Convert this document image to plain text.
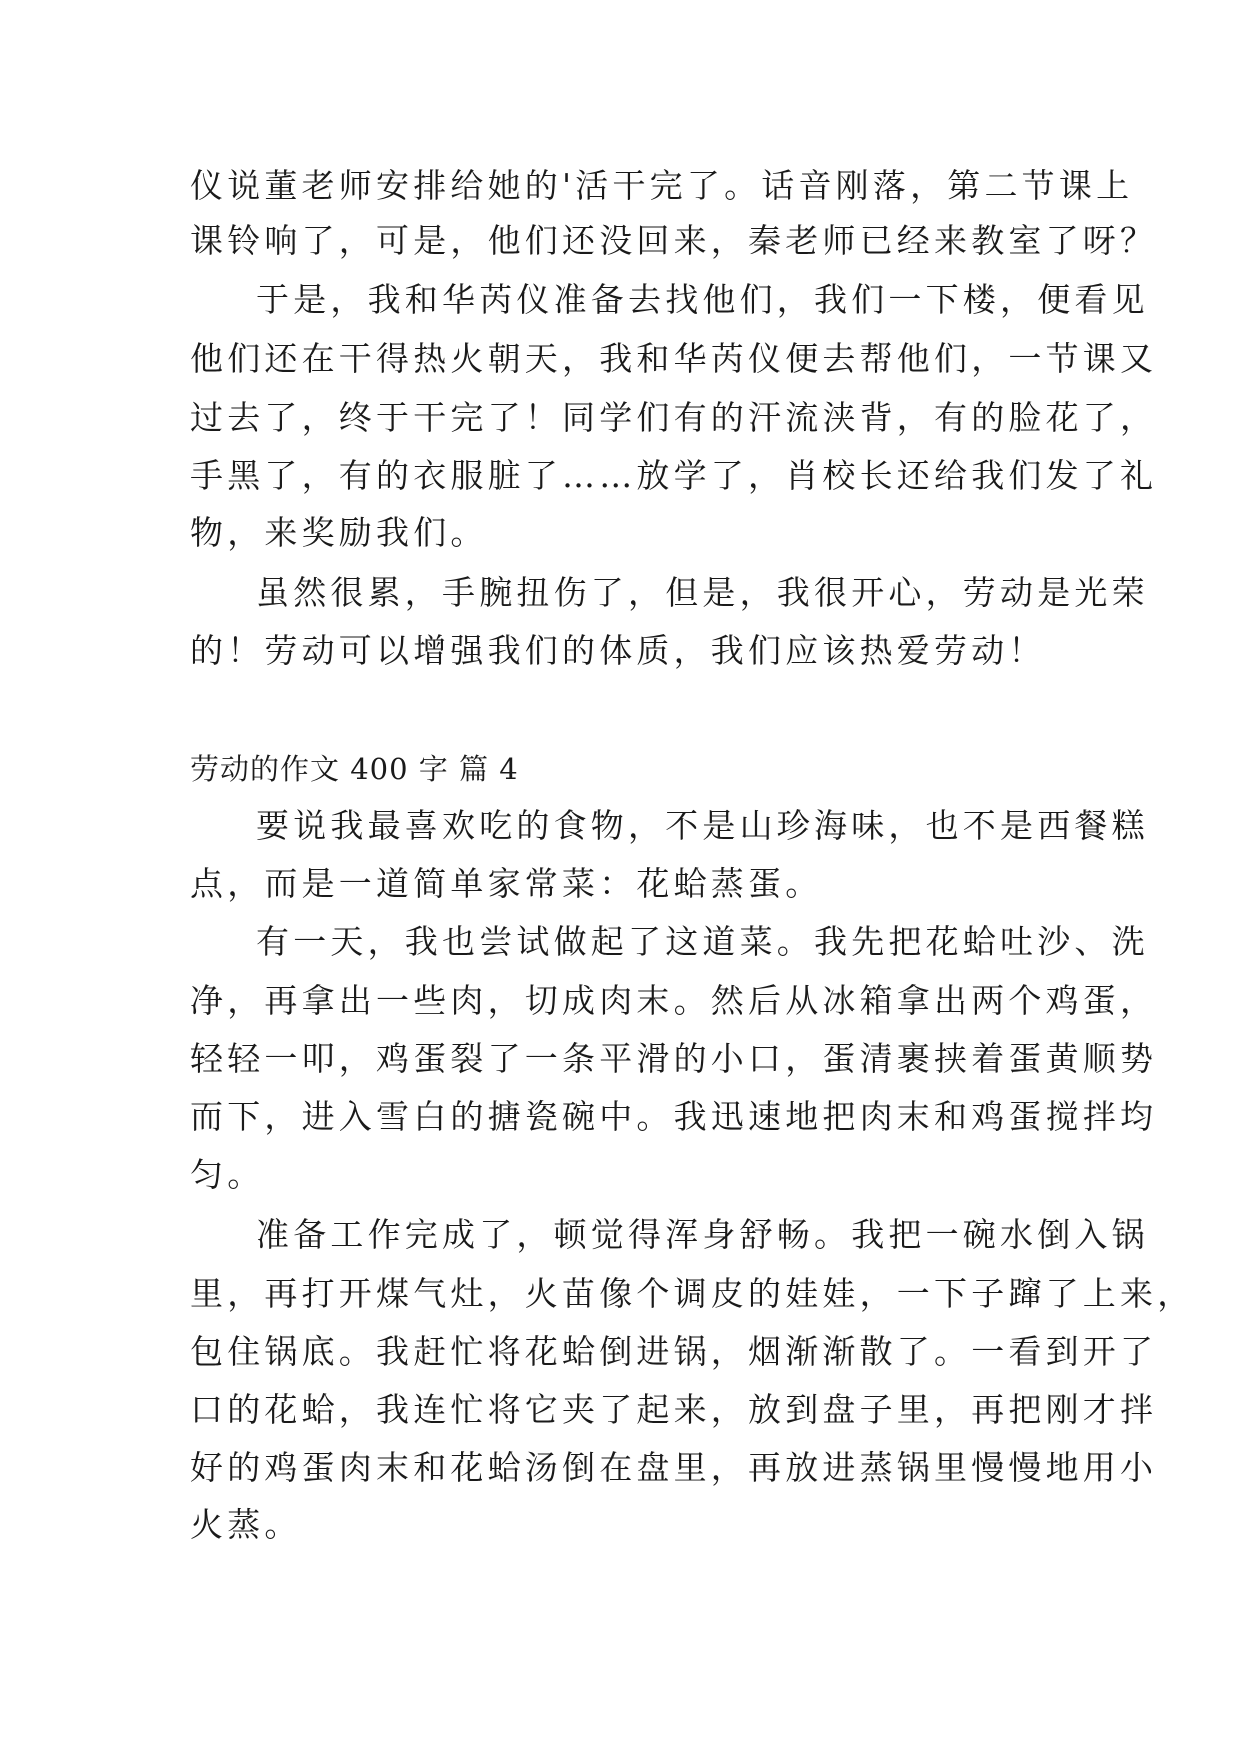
仪说董老师安排给她的'活干完了。话音刚落，第二节课上
课铃响了，可是，他们还没回来，秦老师已经来教室了呀？
于是，我和华芮仪准备去找他们，我们一下楼，便看见
他们还在干得热火朝天，我和华芮仪便去帮他们，一节课又
过去了，终于干完了！同学们有的汗流浃背，有的脸花了，
手黑了，有的衣服脏了……放学了，肖校长还给我们发了礼
物，来奖励我们。
虽然很累，手腕扭伤了，但是，我很开心，劳动是光荣
的！劳动可以增强我们的体质，我们应该热爱劳动！
劳动的作文 400 字 篇 4
要说我最喜欢吃的食物，不是山珍海味，也不是西餐糕
点，而是一道简单家常菜：花蛤蒸蛋。
有一天，我也尝试做起了这道菜。我先把花蛤吐沙、洗
净，再拿出一些肉，切成肉末。然后从冰箱拿出两个鸡蛋，
轻轻一叩，鸡蛋裂了一条平滑的小口，蛋清裹挟着蛋黄顺势
而下，进入雪白的搪瓷碗中。我迅速地把肉末和鸡蛋搅拌均
匀。
准备工作完成了，顿觉得浑身舒畅。我把一碗水倒入锅
里，再打开煤气灶，火苗像个调皮的娃娃，一下子蹿了上来，
包住锅底。我赶忙将花蛤倒进锅，烟渐渐散了。一看到开了
口的花蛤，我连忙将它夹了起来，放到盘子里，再把刚才拌
好的鸡蛋肉末和花蛤汤倒在盘里，再放进蒸锅里慢慢地用小
火蒸。
